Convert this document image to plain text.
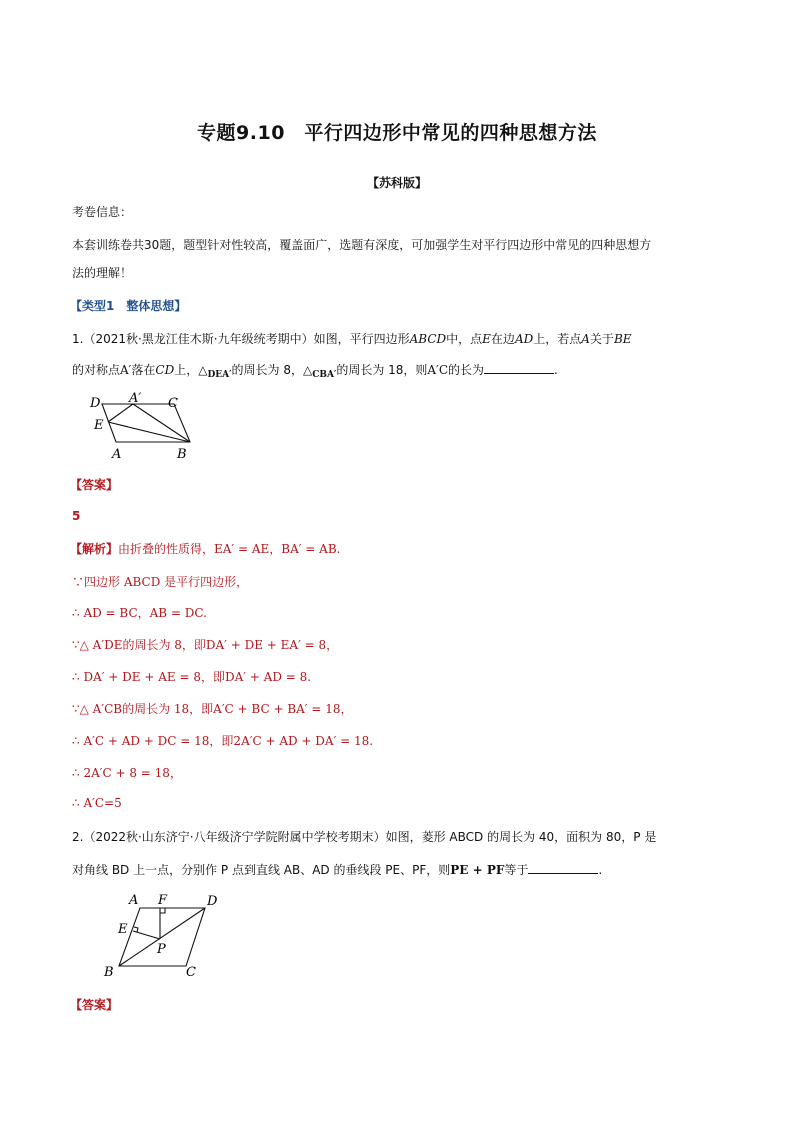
专题9.10　平行四边形中常见的四种思想方法
【苏科版】
考卷信息：
本套训练卷共30题，题型针对性较高，覆盖面广，选题有深度，可加强学生对平行四边形中常见的四种思想方
法的理解！
【类型1　整体思想】
1.（2021秋·黑龙江佳木斯·九年级统考期中）如图，平行四边形ABCD中，点E在边AD上，若点A关于BE
的对称点A′落在CD上，$\triangle_{DEA'}$的周长为 8，$\triangle_{CBA'}$的周长为 18，则A′C的长为	.
D A′ C
E
A	B
【答案】
5
【解析】由折叠的性质得，EA′ = AE，BA′ = AB.
∵四边形 ABCD 是平行四边形，
∴ AD = BC，AB = DC.
∵△ A′DE的周长为 8，即DA′ + DE + EA′ = 8，
∴ DA′ + DE + AE = 8，即DA′ + AD = 8.
∵△ A′CB的周长为 18，即A′C + BC + BA′ = 18，
∴ A′C + AD + DC = 18，即2A′C + AD + DA′ = 18.
∴ 2A′C + 8 = 18，
∴ A′C=5
2.（2022秋·山东济宁·八年级济宁学院附属中学校考期末）如图，菱形 ABCD 的周长为 40，面积为 80，P 是
对角线 BD 上一点，分别作 P 点到直线 AB、AD 的垂线段 PE、PF，则PE + PF等于	.
A F	D
E
P
B	C
【答案】
